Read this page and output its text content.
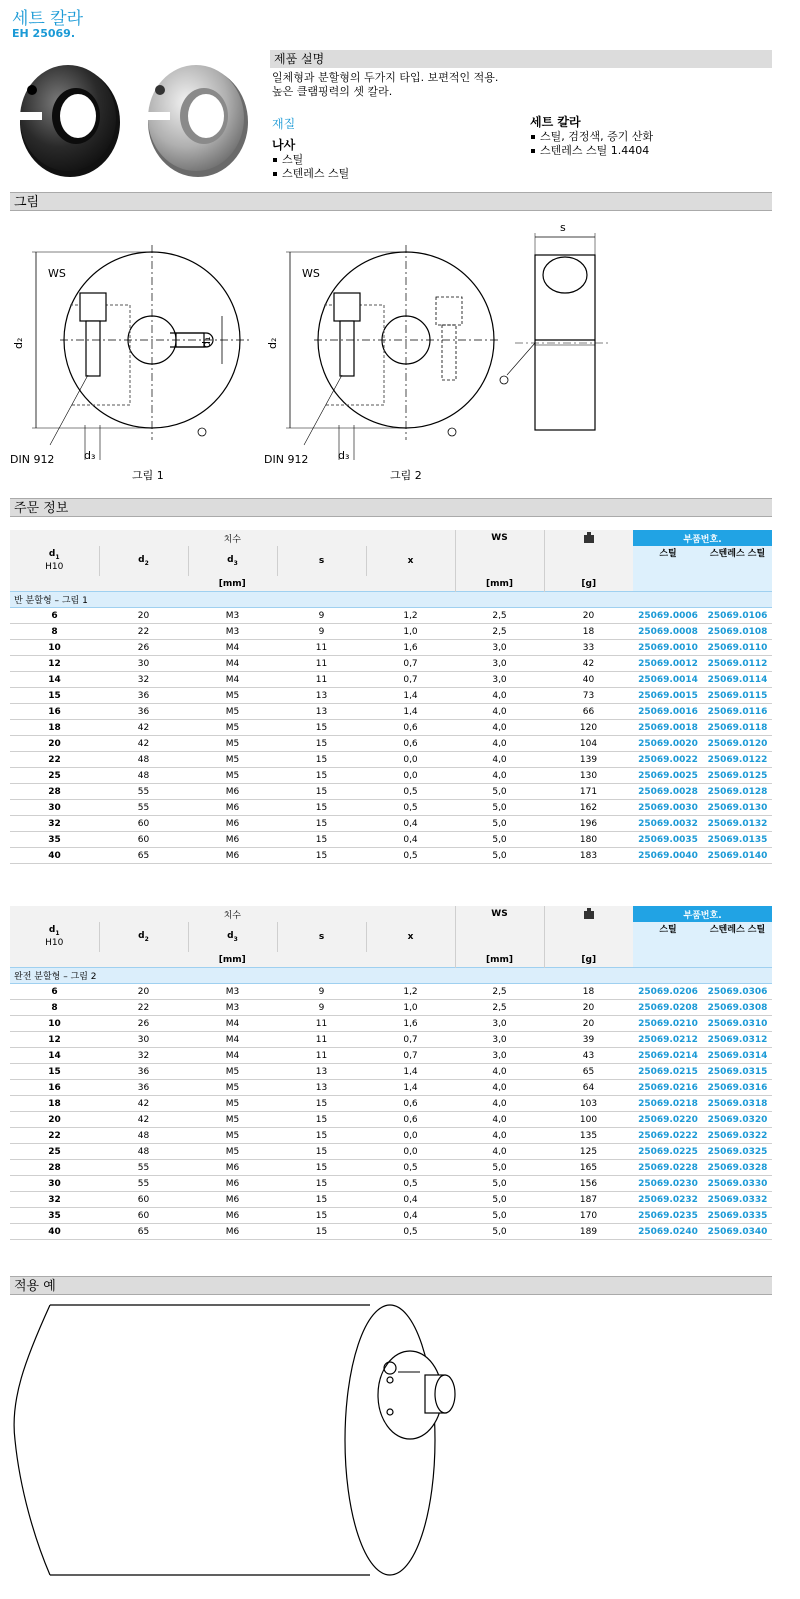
세트 칼라
EH 25069.
제품 설명
일체형과 분할형의 두가지 타입. 보편적인 적용.
높은 클램핑력의 셋 칼라.
재질
나사
스틸
스텐레스 스틸
세트 칼라
스틸, 검정색, 증기 산화
스텐레스 스틸 1.4404
그림
d₂
WS
d₁
d₃
DIN 912
그림 1
d₂
WS
d₃
DIN 912
그림 2
s
주문 정보
치수					WS		부품번호.	
$d_1$
H10	$d_2$	$d_3$	s	x			스틸	스텐레스 스틸
[mm]					[mm]	[g]		
반 분할형 – 그림 1								
6	20	M3	9	1,2	2,5	20	25069.0006	25069.0106
8	22	M3	9	1,0	2,5	18	25069.0008	25069.0108
10	26	M4	11	1,6	3,0	33	25069.0010	25069.0110
12	30	M4	11	0,7	3,0	42	25069.0012	25069.0112
14	32	M4	11	0,7	3,0	40	25069.0014	25069.0114
15	36	M5	13	1,4	4,0	73	25069.0015	25069.0115
16	36	M5	13	1,4	4,0	66	25069.0016	25069.0116
18	42	M5	15	0,6	4,0	120	25069.0018	25069.0118
20	42	M5	15	0,6	4,0	104	25069.0020	25069.0120
22	48	M5	15	0,0	4,0	139	25069.0022	25069.0122
25	48	M5	15	0,0	4,0	130	25069.0025	25069.0125
28	55	M6	15	0,5	5,0	171	25069.0028	25069.0128
30	55	M6	15	0,5	5,0	162	25069.0030	25069.0130
32	60	M6	15	0,4	5,0	196	25069.0032	25069.0132
35	60	M6	15	0,4	5,0	180	25069.0035	25069.0135
40	65	M6	15	0,5	5,0	183	25069.0040	25069.0140
치수					WS		부품번호.	
$d_1$
H10	$d_2$	$d_3$	s	x			스틸	스텐레스 스틸
[mm]					[mm]	[g]		
완전 분할형 – 그림 2								
6	20	M3	9	1,2	2,5	18	25069.0206	25069.0306
8	22	M3	9	1,0	2,5	20	25069.0208	25069.0308
10	26	M4	11	1,6	3,0	20	25069.0210	25069.0310
12	30	M4	11	0,7	3,0	39	25069.0212	25069.0312
14	32	M4	11	0,7	3,0	43	25069.0214	25069.0314
15	36	M5	13	1,4	4,0	65	25069.0215	25069.0315
16	36	M5	13	1,4	4,0	64	25069.0216	25069.0316
18	42	M5	15	0,6	4,0	103	25069.0218	25069.0318
20	42	M5	15	0,6	4,0	100	25069.0220	25069.0320
22	48	M5	15	0,0	4,0	135	25069.0222	25069.0322
25	48	M5	15	0,0	4,0	125	25069.0225	25069.0325
28	55	M6	15	0,5	5,0	165	25069.0228	25069.0328
30	55	M6	15	0,5	5,0	156	25069.0230	25069.0330
32	60	M6	15	0,4	5,0	187	25069.0232	25069.0332
35	60	M6	15	0,4	5,0	170	25069.0235	25069.0335
40	65	M6	15	0,5	5,0	189	25069.0240	25069.0340
적용 예
